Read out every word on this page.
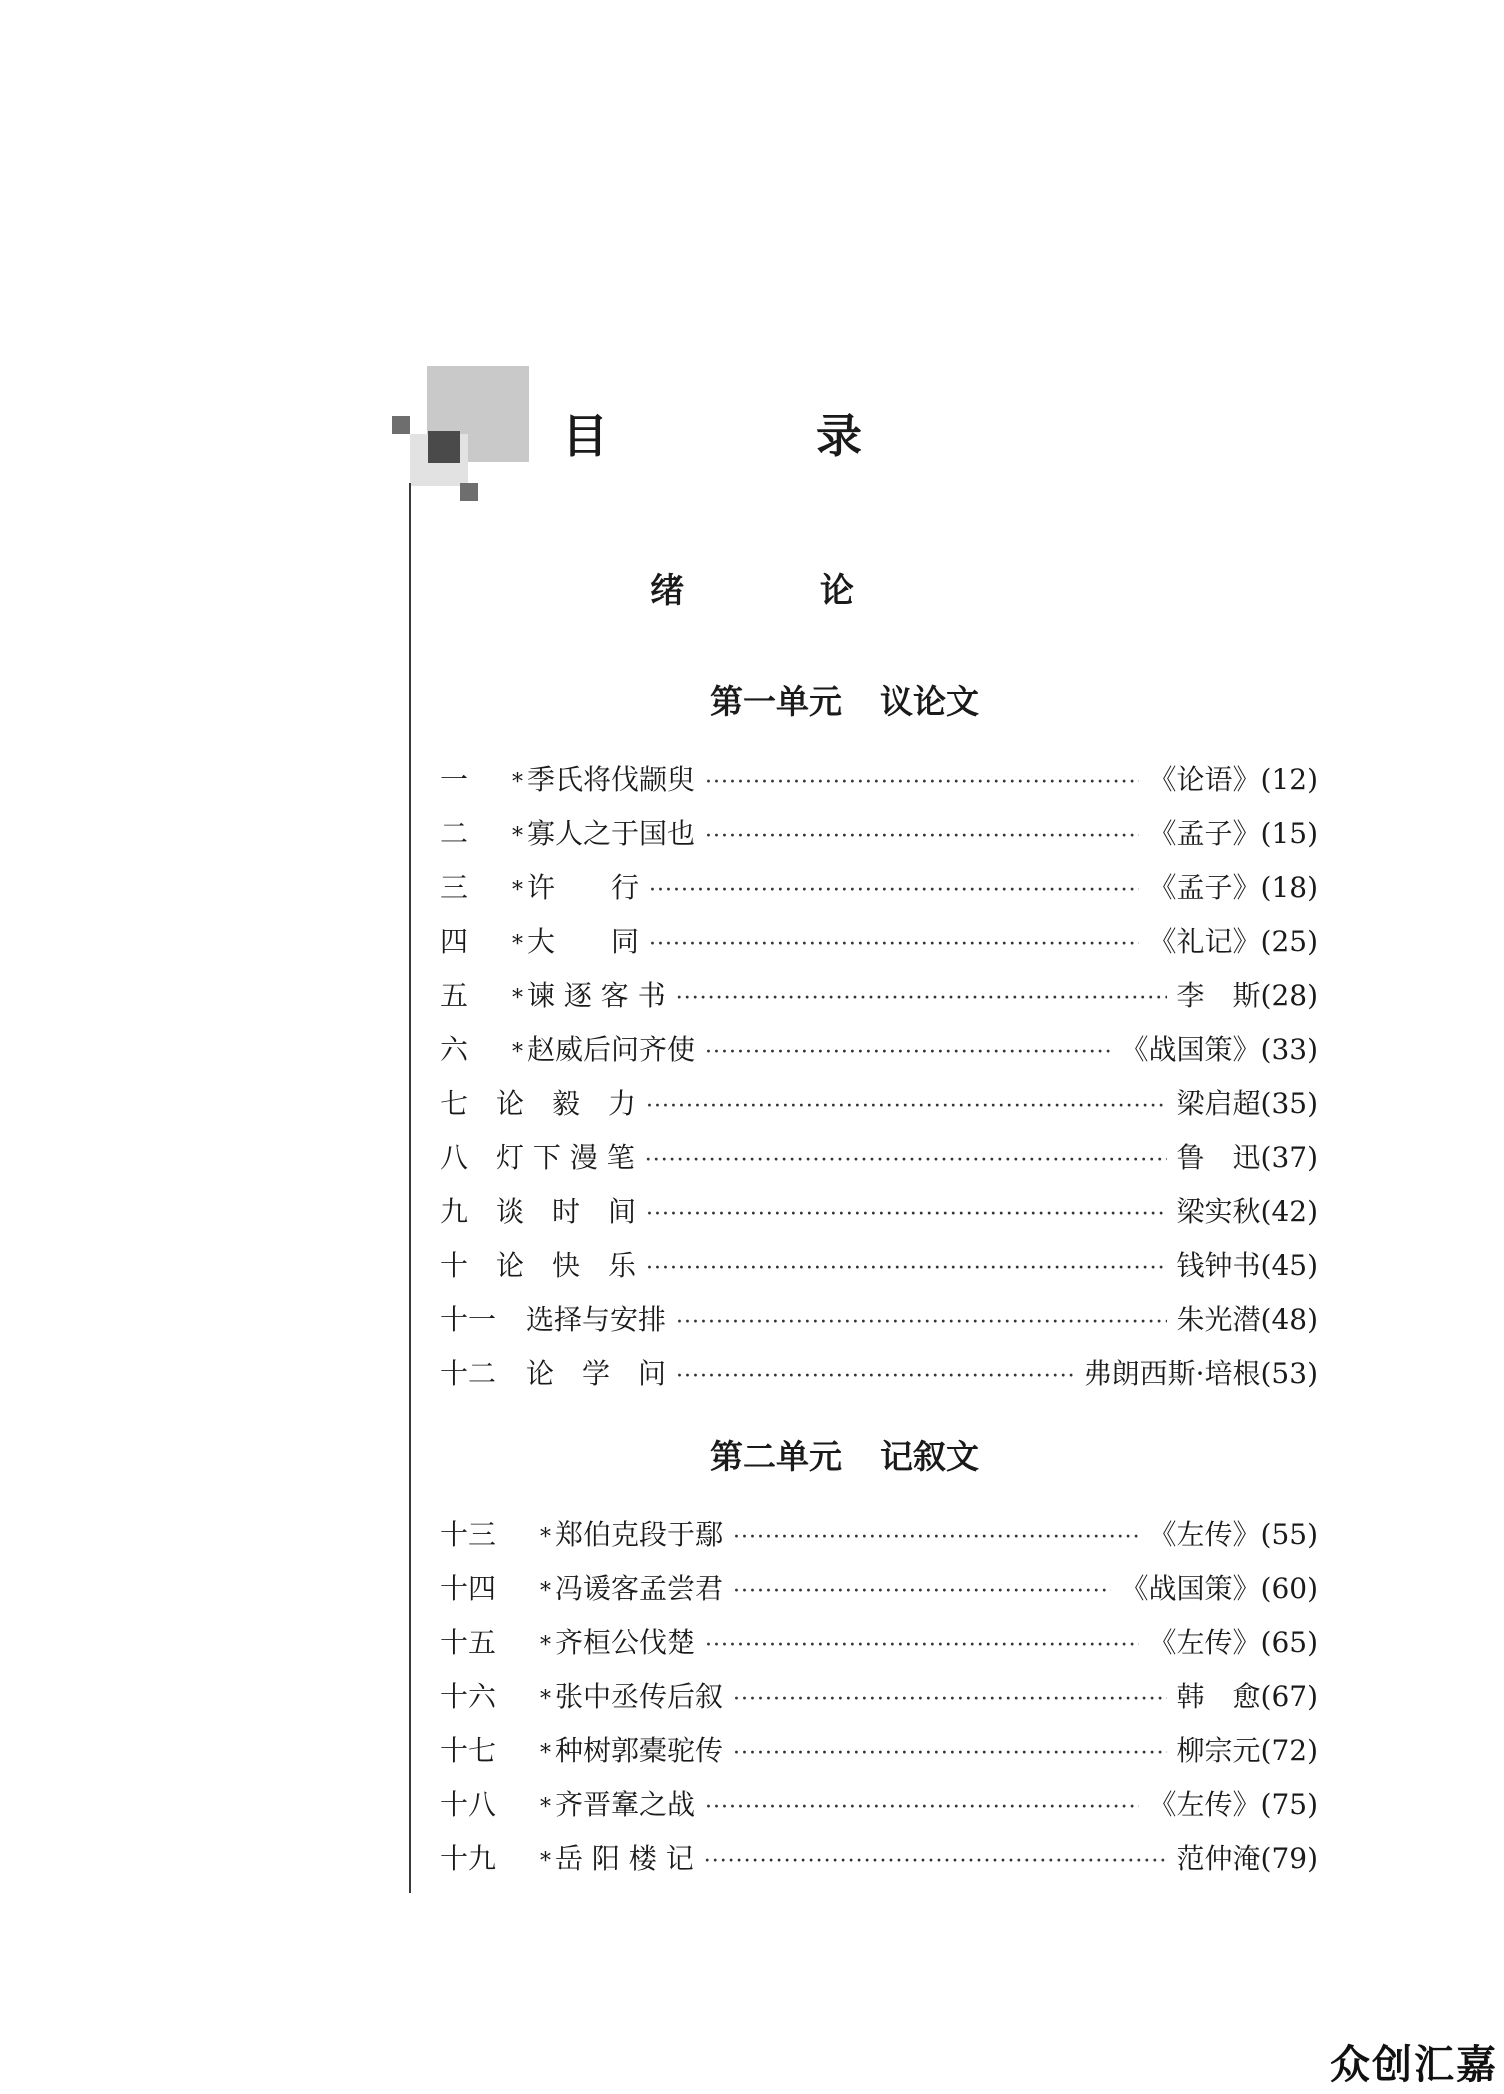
目 录
绪 论
第一单元 议论文
一	* 季氏将伐颛臾 ·····	《论语》(12)
二	* 寡人之于国也 ·····	《孟子》(15)
三	* 许　　行 ·····	《孟子》(18)
四	* 大　　同 ·····	《礼记》(25)
五	* 谏 逐 客 书 ·····	李　斯(28)
六	* 赵威后问齐使 ·····	《战国策》(33)
七 论　毅　力 ·····	梁启超(35)
八 灯 下 漫 笔 ·····	鲁　迅(37)
九 谈　时　间 ·····	梁实秋(42)
十 论　快　乐 ·····	钱钟书(45)
十一	选择与安排 ·····	朱光潜(48)
十二	论　学　问 ·····	弗朗西斯·培根(53)
第二单元 记叙文
十三	* 郑伯克段于鄢 ·····	《左传》(55)
十四	* 冯谖客孟尝君 ·····	《战国策》(60)
十五	* 齐桓公伐楚 ·····	《左传》(65)
十六	* 张中丞传后叙 ·····	韩　愈(67)
十七	* 种树郭橐驼传 ·····	柳宗元(72)
十八	* 齐晋鞌之战 ·····	《左传》(75)
十九	* 岳 阳 楼 记 ·····	范仲淹(79)
众创汇嘉
